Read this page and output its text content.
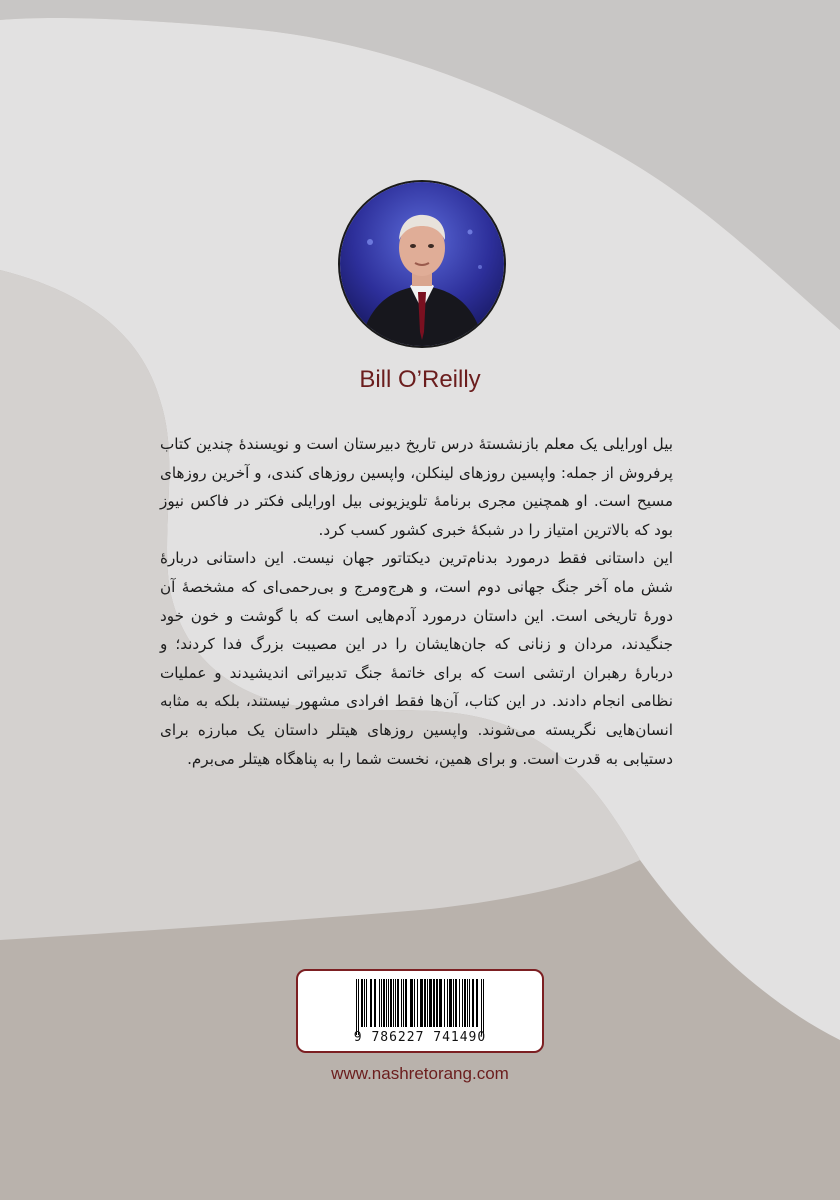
Bill O’Reilly

بیل اورایلی یک معلم بازنشستهٔ درس تاریخ دبیرستان است و نویسندهٔ چندین کتاب پرفروش از جمله: واپسین روزهای لینکلن، واپسین روزهای کندی، و آخرین روزهای مسیح است. او همچنین مجری برنامهٔ تلویزیونی بیل اورایلی فکتر در فاکس نیوز بود که بالاترین امتیاز را در شبکهٔ خبری کشور کسب کرد.

این داستانی فقط درمورد بدنام‌ترین دیکتاتور جهان نیست. این داستانی دربارهٔ شش ماه آخر جنگ جهانی دوم است، و هرج‌ومرج و بی‌رحمی‌ای که مشخصهٔ آن دورهٔ تاریخی است. این داستان درمورد آدم‌هایی است که با گوشت و خون خود جنگیدند، مردان و زنانی که جان‌هایشان را در این مصیبت بزرگ فدا کردند؛ و دربارهٔ رهبران ارتشی است که برای خاتمهٔ جنگ تدبیراتی اندیشیدند و عملیات نظامی انجام دادند. در این کتاب، آن‌ها فقط افرادی مشهور نیستند، بلکه به مثابه انسان‌هایی نگریسته می‌شوند. واپسین روزهای هیتلر داستان یک مبارزه برای دستیابی به قدرت است. و برای همین، نخست شما را به پناهگاه هیتلر می‌برم.

9 786227 741490
www.nashretorang.com
